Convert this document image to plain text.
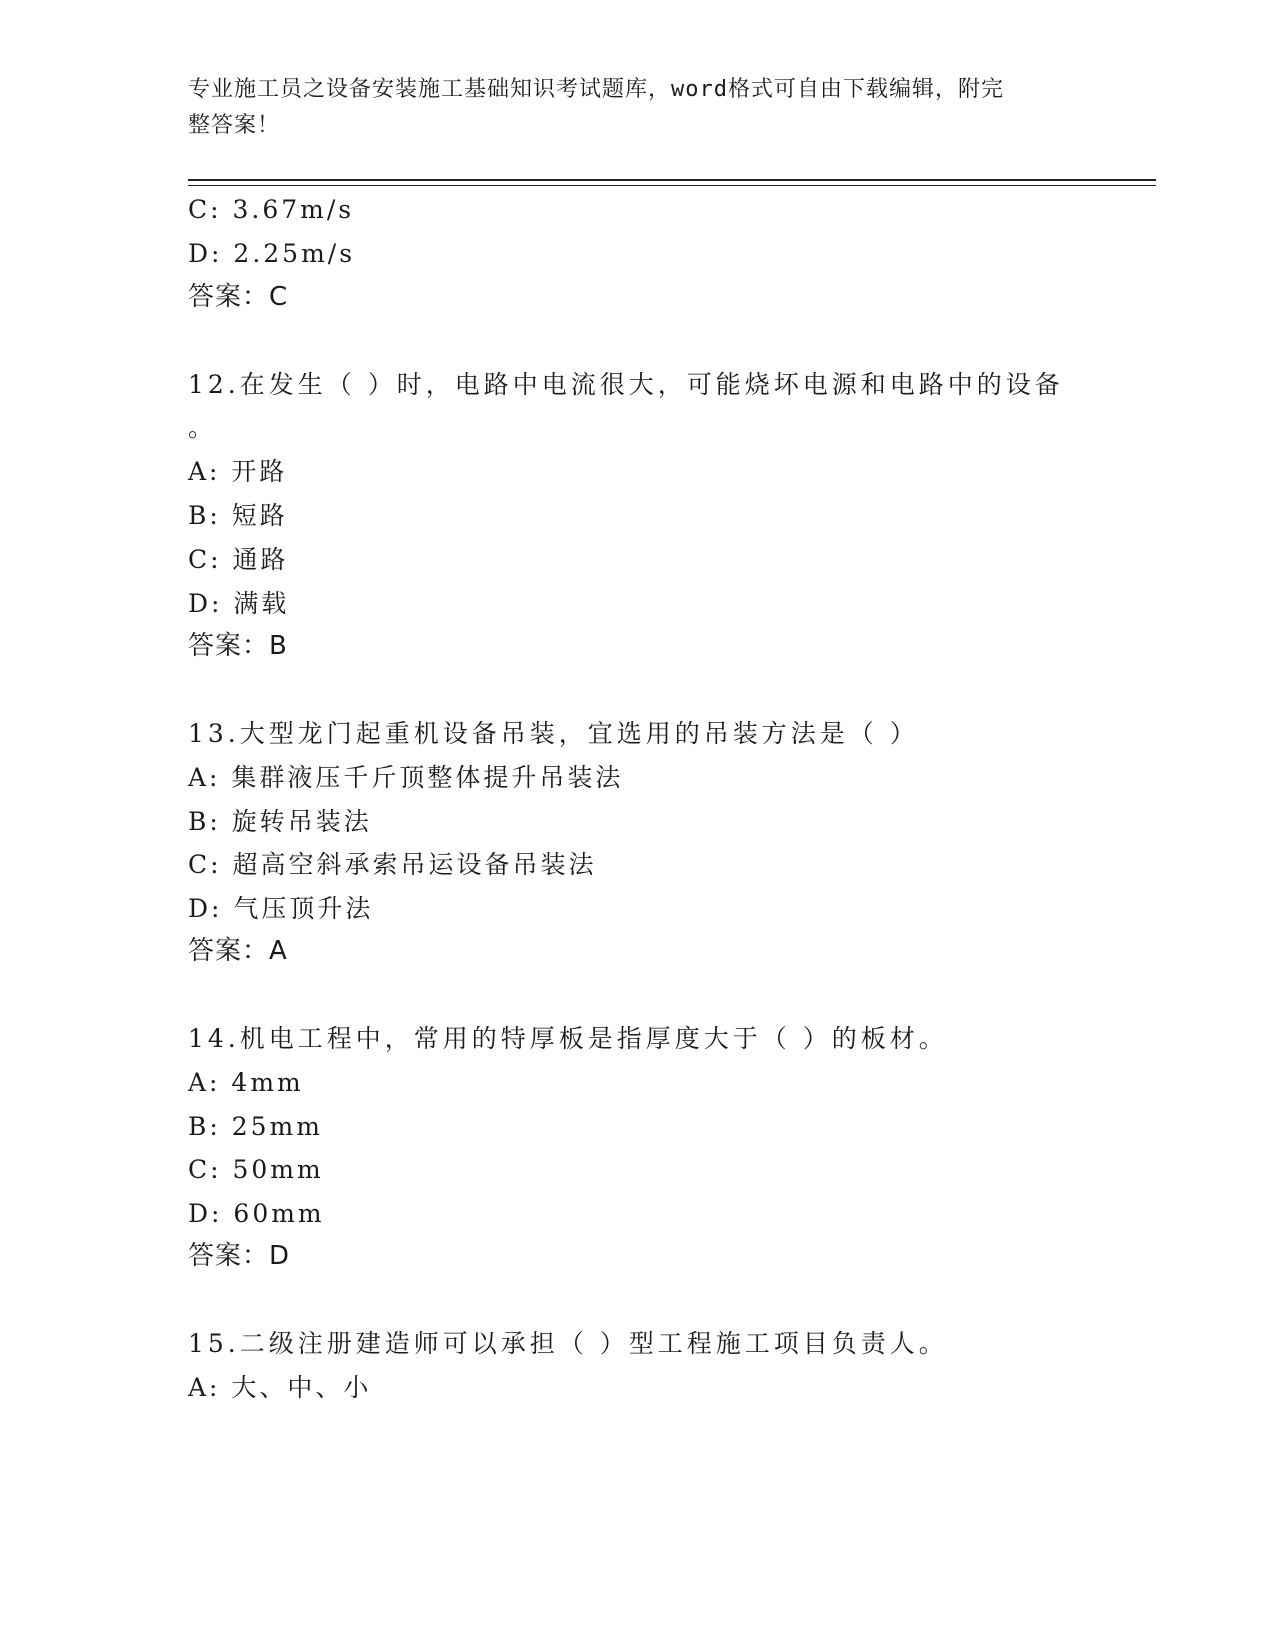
专业施工员之设备安装施工基础知识考试题库，word格式可自由下载编辑，附完
整答案！
C: 3.67m/s
D: 2.25m/s
答案：C
12.在发生（ ）时，电路中电流很大，可能烧坏电源和电路中的设备
。
A: 开路
B: 短路
C: 通路
D: 满载
答案：B
13.大型龙门起重机设备吊装，宜选用的吊装方法是（ ）
A: 集群液压千斤顶整体提升吊装法
B: 旋转吊装法
C: 超高空斜承索吊运设备吊装法
D: 气压顶升法
答案：A
14.机电工程中，常用的特厚板是指厚度大于（ ）的板材。
A: 4mm
B: 25mm
C: 50mm
D: 60mm
答案：D
15.二级注册建造师可以承担（ ）型工程施工项目负责人。
A: 大、中、小
